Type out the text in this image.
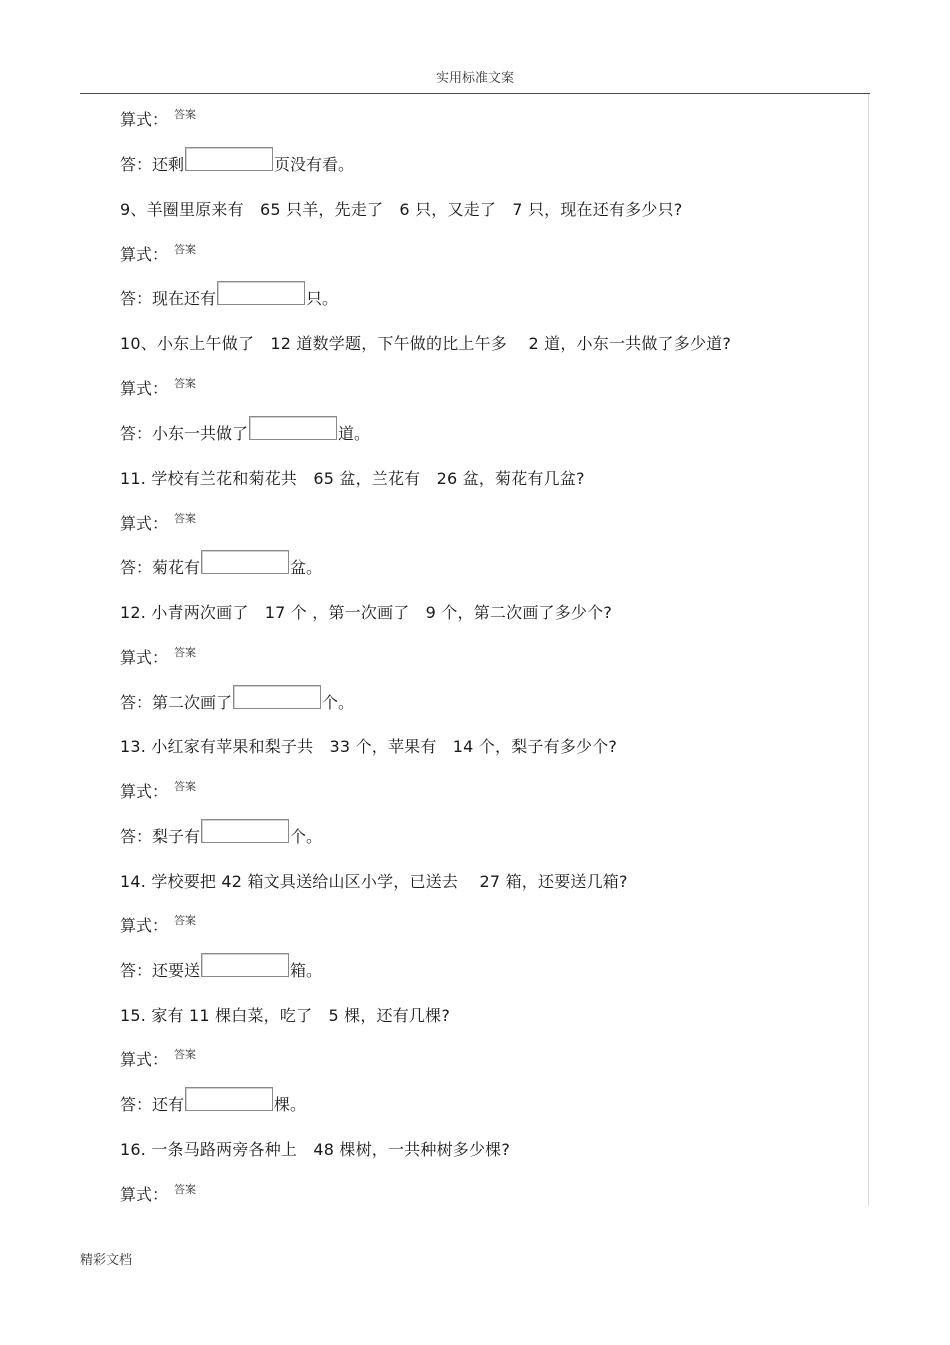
实用标准文案
算式： 答案
答：还剩	页没有看。
9、羊圈里原来有　65 只羊，先走了　6 只，又走了　7 只，现在还有多少只?
算式： 答案
答：现在还有	只。
10、小东上午做了　12 道数学题，下午做的比上午多　 2 道，小东一共做了多少道?
算式： 答案
答：小东一共做了	道。
11. 学校有兰花和菊花共　65 盆，兰花有　26 盆，菊花有几盆?
算式： 答案
答：菊花有	盆。
12. 小青两次画了　17 个 ，第一次画了　9 个，第二次画了多少个?
算式： 答案
答：第二次画了	个。
13. 小红家有苹果和梨子共　33 个，苹果有　14 个，梨子有多少个?
算式： 答案
答：梨子有	个。
14. 学校要把 42 箱文具送给山区小学，已送去　 27 箱，还要送几箱?
算式： 答案
答：还要送	箱。
15. 家有 11 棵白菜，吃了　5 棵，还有几棵?
算式： 答案
答：还有	棵。
16. 一条马路两旁各种上　48 棵树，一共种树多少棵?
算式： 答案
精彩文档
